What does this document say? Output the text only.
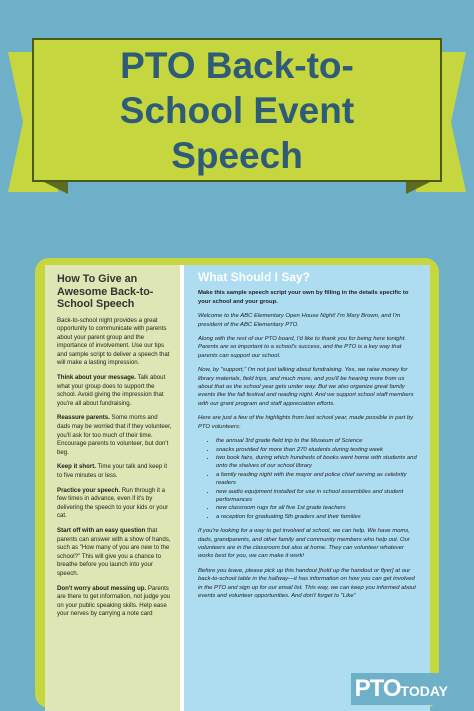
PTO Back-to-School Event Speech
How To Give an Awesome Back-to-School Speech

Back-to-school night provides a great opportunity to communicate with parents about your parent group and the importance of involvement. Use our tips and sample script to deliver a speech that will make a lasting impression.

Think about your message. Talk about what your group does to support the school. Avoid giving the impression that you're all about fundraising.

Reassure parents. Some moms and dads may be worried that if they volunteer, you'll ask for too much of their time. Encourage parents to volunteer, but don't beg.

Keep it short. Time your talk and keep it to five minutes or less.

Practice your speech. Run through it a few times in advance, even if it's by delivering the speech to your kids or your cat.

Start off with an easy question that parents can answer with a show of hands, such as "How many of you are new to the school?" This will give you a chance to breathe before you launch into your speech.

Don't worry about messing up. Parents are there to get information, not judge you on your public speaking skills. Help ease your nerves by carrying a note card

What Should I Say?

Make this sample speech script your own by filling in the details specific to your school and your group.

Welcome to the ABC Elementary Open House Night! I'm Mary Brown, and I'm president of the ABC Elementary PTO.

Along with the rest of our PTO board, I'd like to thank you for being here tonight. Parents are so important to a school's success, and the PTO is a key way that parents can support our school.

Now, by "support," I'm not just talking about fundraising. Yes, we raise money for library materials, field trips, and much more, and you'll be hearing more from us about that as the school year gets under way. But we also organize great family events like the fall festival and reading night. And we support school staff members with our grant program and staff appreciation efforts.

Here are just a few of the highlights from last school year, made possible in part by PTO volunteers:

• the annual 3rd grade field trip to the Museum of Science
• snacks provided for more than 270 students during testing week
• two book fairs, during which hundreds of books went home with students and onto the shelves of our school library
• a family reading night with the mayor and police chief serving as celebrity readers
• new audio equipment installed for use in school assemblies and student performances
• new classroom rugs for all five 1st grade teachers
• a reception for graduating 5th graders and their families

If you're looking for a way to get involved at school, we can help. We have moms, dads, grandparents, and other family and community members who help out. Our volunteers are in the classroom but also at home. They can volunteer whatever works best for you, we can make it work!

Before you leave, please pick up this handout [hold up the handout or flyer] at our back-to-school table in the hallway—it has information on how you can get involved in the PTO and sign up for our email list. This way, we can keep you informed about events and volunteer opportunities. And don't forget to "Like"

PTOTODAY
